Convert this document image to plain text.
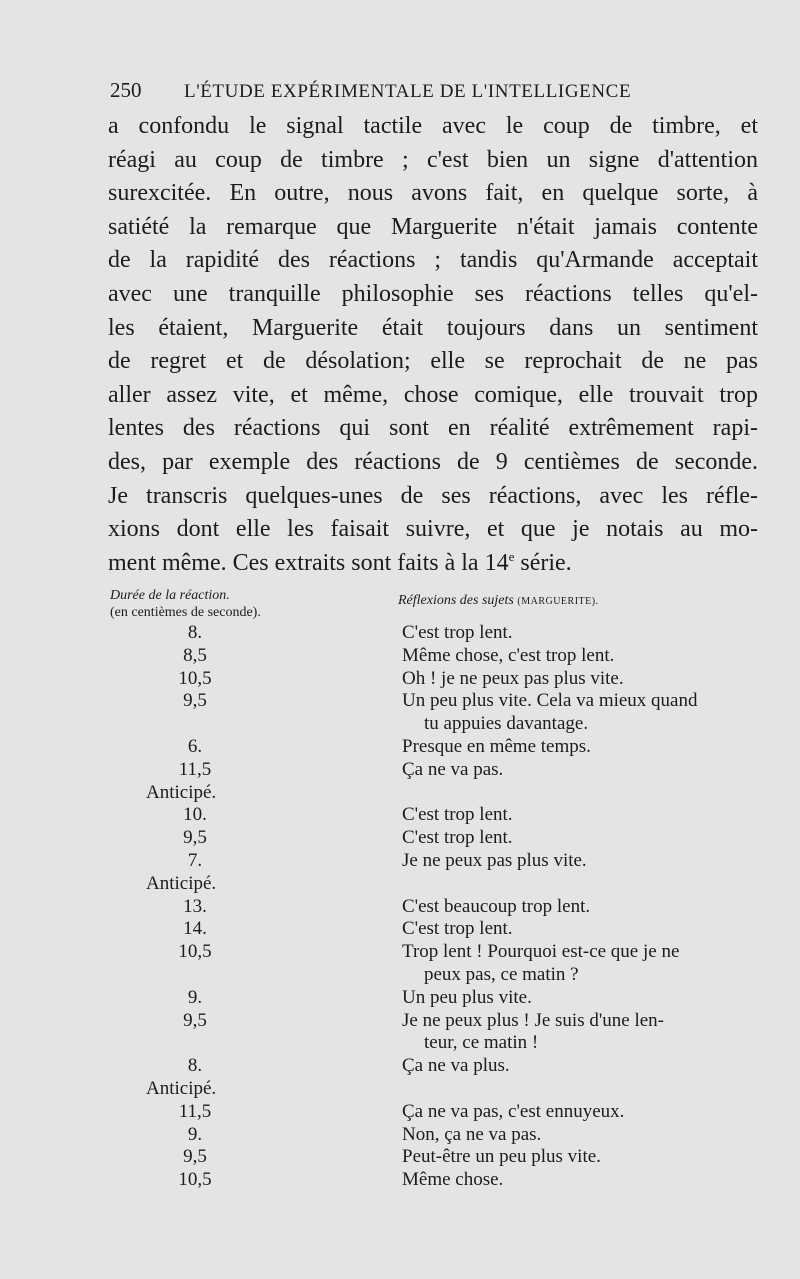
250	L'ÉTUDE EXPÉRIMENTALE DE L'INTELLIGENCE

a confondu le signal tactile avec le coup de timbre, et
réagi au coup de timbre ; c'est bien un signe d'attention
surexcitée. En outre, nous avons fait, en quelque sorte, à
satiété la remarque que Marguerite n'était jamais contente
de la rapidité des réactions ; tandis qu'Armande acceptait
avec une tranquille philosophie ses réactions telles qu'el-
les étaient, Marguerite était toujours dans un sentiment
de regret et de désolation; elle se reprochait de ne pas
aller assez vite, et même, chose comique, elle trouvait trop
lentes des réactions qui sont en réalité extrêmement rapi-
des, par exemple des réactions de 9 centièmes de seconde.
Je transcris quelques-unes de ses réactions, avec les réfle-
xions dont elle les faisait suivre, et que je notais au mo-
ment même. Ces extraits sont faits à la 14e série.

Durée de la réaction.
(en centièmes de seconde).
Réflexions des sujets (MARGUERITE).
8.	C'est trop lent.
8,5	Même chose, c'est trop lent.
10,5	Oh ! je ne peux pas plus vite.
9,5	Un peu plus vite. Cela va mieux quand
tu appuies davantage.
6.	Presque en même temps.
11,5	Ça ne va pas.
Anticipé.
10.	C'est trop lent.
9,5	C'est trop lent.
7.	Je ne peux pas plus vite.
Anticipé.
13.	C'est beaucoup trop lent.
14.	C'est trop lent.
10,5	Trop lent ! Pourquoi est-ce que je ne
peux pas, ce matin ?
9.	Un peu plus vite.
9,5	Je ne peux plus ! Je suis d'une len-
teur, ce matin !
8.	Ça ne va plus.
Anticipé.
11,5	Ça ne va pas, c'est ennuyeux.
9.	Non, ça ne va pas.
9,5	Peut-être un peu plus vite.
10,5	Même chose.
